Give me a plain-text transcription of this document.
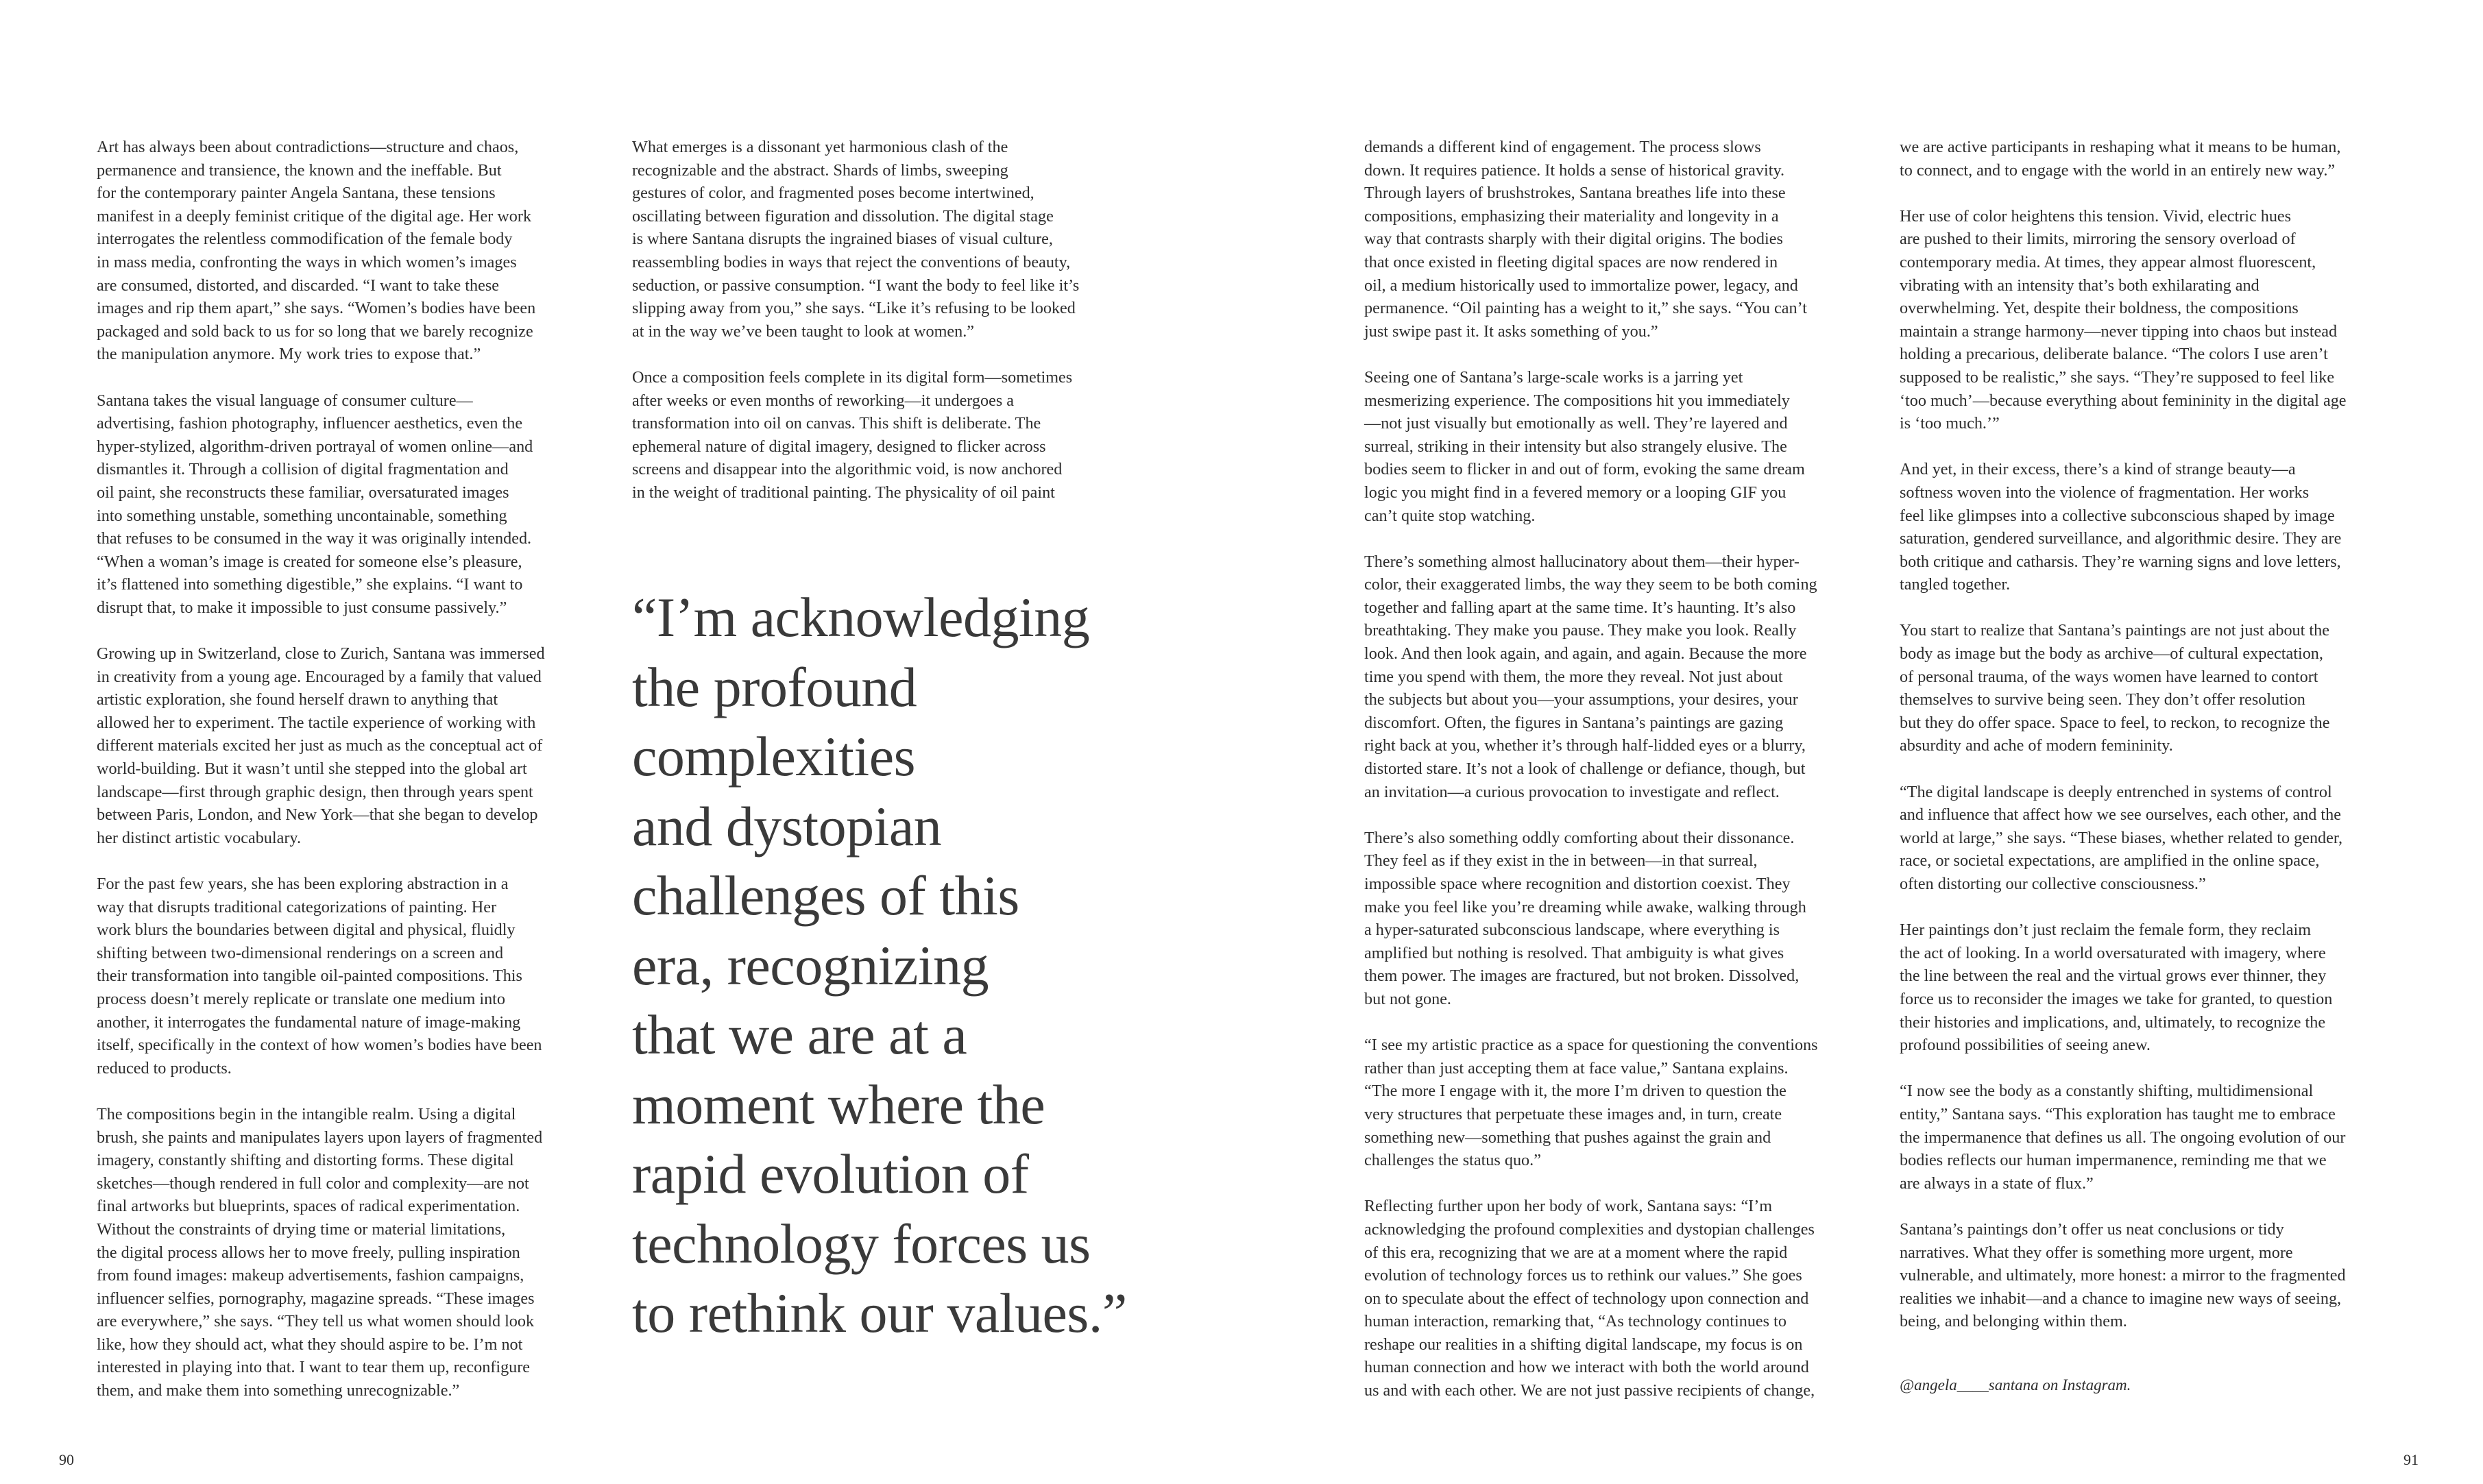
Art has always been about contradictions—structure and chaos,
permanence and transience, the known and the ineffable. But
for the contemporary painter Angela Santana, these tensions
manifest in a deeply feminist critique of the digital age. Her work
interrogates the relentless commodification of the female body
in mass media, confronting the ways in which women’s images
are consumed, distorted, and discarded. “I want to take these
images and rip them apart,” she says. “Women’s bodies have been
packaged and sold back to us for so long that we barely recognize
the manipulation anymore. My work tries to expose that.”

Santana takes the visual language of consumer culture—
advertising, fashion photography, influencer aesthetics, even the
hyper-stylized, algorithm-driven portrayal of women online—and
dismantles it. Through a collision of digital fragmentation and
oil paint, she reconstructs these familiar, oversaturated images
into something unstable, something uncontainable, something
that refuses to be consumed in the way it was originally intended.
“When a woman’s image is created for someone else’s pleasure,
it’s flattened into something digestible,” she explains. “I want to
disrupt that, to make it impossible to just consume passively.”

Growing up in Switzerland, close to Zurich, Santana was immersed
in creativity from a young age. Encouraged by a family that valued
artistic exploration, she found herself drawn to anything that
allowed her to experiment. The tactile experience of working with
different materials excited her just as much as the conceptual act of
world-building. But it wasn’t until she stepped into the global art
landscape—first through graphic design, then through years spent
between Paris, London, and New York—that she began to develop
her distinct artistic vocabulary.

For the past few years, she has been exploring abstraction in a
way that disrupts traditional categorizations of painting. Her
work blurs the boundaries between digital and physical, fluidly
shifting between two-dimensional renderings on a screen and
their transformation into tangible oil-painted compositions. This
process doesn’t merely replicate or translate one medium into
another, it interrogates the fundamental nature of image-making
itself, specifically in the context of how women’s bodies have been
reduced to products.

The compositions begin in the intangible realm. Using a digital
brush, she paints and manipulates layers upon layers of fragmented
imagery, constantly shifting and distorting forms. These digital
sketches—though rendered in full color and complexity—are not
final artworks but blueprints, spaces of radical experimentation.
Without the constraints of drying time or material limitations,
the digital process allows her to move freely, pulling inspiration
from found images: makeup advertisements, fashion campaigns,
influencer selfies, pornography, magazine spreads. “These images
are everywhere,” she says. “They tell us what women should look
like, how they should act, what they should aspire to be. I’m not
interested in playing into that. I want to tear them up, reconfigure
them, and make them into something unrecognizable.”

What emerges is a dissonant yet harmonious clash of the
recognizable and the abstract. Shards of limbs, sweeping
gestures of color, and fragmented poses become intertwined,
oscillating between figuration and dissolution. The digital stage
is where Santana disrupts the ingrained biases of visual culture,
reassembling bodies in ways that reject the conventions of beauty,
seduction, or passive consumption. “I want the body to feel like it’s
slipping away from you,” she says. “Like it’s refusing to be looked
at in the way we’ve been taught to look at women.”

Once a composition feels complete in its digital form—sometimes
after weeks or even months of reworking—it undergoes a
transformation into oil on canvas. This shift is deliberate. The
ephemeral nature of digital imagery, designed to flicker across
screens and disappear into the algorithmic void, is now anchored
in the weight of traditional painting. The physicality of oil paint

“I’m acknowledging
the profound
complexities
and dystopian
challenges of this
era, recognizing
that we are at a
moment where the
rapid evolution of
technology forces us
to rethink our values.”

demands a different kind of engagement. The process slows
down. It requires patience. It holds a sense of historical gravity.
Through layers of brushstrokes, Santana breathes life into these
compositions, emphasizing their materiality and longevity in a
way that contrasts sharply with their digital origins. The bodies
that once existed in fleeting digital spaces are now rendered in
oil, a medium historically used to immortalize power, legacy, and
permanence. “Oil painting has a weight to it,” she says. “You can’t
just swipe past it. It asks something of you.”

Seeing one of Santana’s large-scale works is a jarring yet
mesmerizing experience. The compositions hit you immediately
—not just visually but emotionally as well. They’re layered and
surreal, striking in their intensity but also strangely elusive. The
bodies seem to flicker in and out of form, evoking the same dream
logic you might find in a fevered memory or a looping GIF you
can’t quite stop watching.

There’s something almost hallucinatory about them—their hyper-
color, their exaggerated limbs, the way they seem to be both coming
together and falling apart at the same time. It’s haunting. It’s also
breathtaking. They make you pause. They make you look. Really
look. And then look again, and again, and again. Because the more
time you spend with them, the more they reveal. Not just about
the subjects but about you—your assumptions, your desires, your
discomfort. Often, the figures in Santana’s paintings are gazing
right back at you, whether it’s through half-lidded eyes or a blurry,
distorted stare. It’s not a look of challenge or defiance, though, but
an invitation—a curious provocation to investigate and reflect.

There’s also something oddly comforting about their dissonance.
They feel as if they exist in the in between—in that surreal,
impossible space where recognition and distortion coexist. They
make you feel like you’re dreaming while awake, walking through
a hyper-saturated subconscious landscape, where everything is
amplified but nothing is resolved. That ambiguity is what gives
them power. The images are fractured, but not broken. Dissolved,
but not gone.

“I see my artistic practice as a space for questioning the conventions
rather than just accepting them at face value,” Santana explains.
“The more I engage with it, the more I’m driven to question the
very structures that perpetuate these images and, in turn, create
something new—something that pushes against the grain and
challenges the status quo.”

Reflecting further upon her body of work, Santana says: “I’m
acknowledging the profound complexities and dystopian challenges
of this era, recognizing that we are at a moment where the rapid
evolution of technology forces us to rethink our values.” She goes
on to speculate about the effect of technology upon connection and
human interaction, remarking that, “As technology continues to
reshape our realities in a shifting digital landscape, my focus is on
human connection and how we interact with both the world around
us and with each other. We are not just passive recipients of change,

we are active participants in reshaping what it means to be human,
to connect, and to engage with the world in an entirely new way.”

Her use of color heightens this tension. Vivid, electric hues
are pushed to their limits, mirroring the sensory overload of
contemporary media. At times, they appear almost fluorescent,
vibrating with an intensity that’s both exhilarating and
overwhelming. Yet, despite their boldness, the compositions
maintain a strange harmony—never tipping into chaos but instead
holding a precarious, deliberate balance. “The colors I use aren’t
supposed to be realistic,” she says. “They’re supposed to feel like
‘too much’—because everything about femininity in the digital age
is ‘too much.’”

And yet, in their excess, there’s a kind of strange beauty—a
softness woven into the violence of fragmentation. Her works
feel like glimpses into a collective subconscious shaped by image
saturation, gendered surveillance, and algorithmic desire. They are
both critique and catharsis. They’re warning signs and love letters,
tangled together.

You start to realize that Santana’s paintings are not just about the
body as image but the body as archive—of cultural expectation,
of personal trauma, of the ways women have learned to contort
themselves to survive being seen. They don’t offer resolution
but they do offer space. Space to feel, to reckon, to recognize the
absurdity and ache of modern femininity.

“The digital landscape is deeply entrenched in systems of control
and influence that affect how we see ourselves, each other, and the
world at large,” she says. “These biases, whether related to gender,
race, or societal expectations, are amplified in the online space,
often distorting our collective consciousness.”

Her paintings don’t just reclaim the female form, they reclaim
the act of looking. In a world oversaturated with imagery, where
the line between the real and the virtual grows ever thinner, they
force us to reconsider the images we take for granted, to question
their histories and implications, and, ultimately, to recognize the
profound possibilities of seeing anew.

“I now see the body as a constantly shifting, multidimensional
entity,” Santana says. “This exploration has taught me to embrace
the impermanence that defines us all. The ongoing evolution of our
bodies reflects our human impermanence, reminding me that we
are always in a state of flux.”

Santana’s paintings don’t offer us neat conclusions or tidy
narratives. What they offer is something more urgent, more
vulnerable, and ultimately, more honest: a mirror to the fragmented
realities we inhabit—and a chance to imagine new ways of seeing,
being, and belonging within them.

@angela____santana on Instagram.

90	91
